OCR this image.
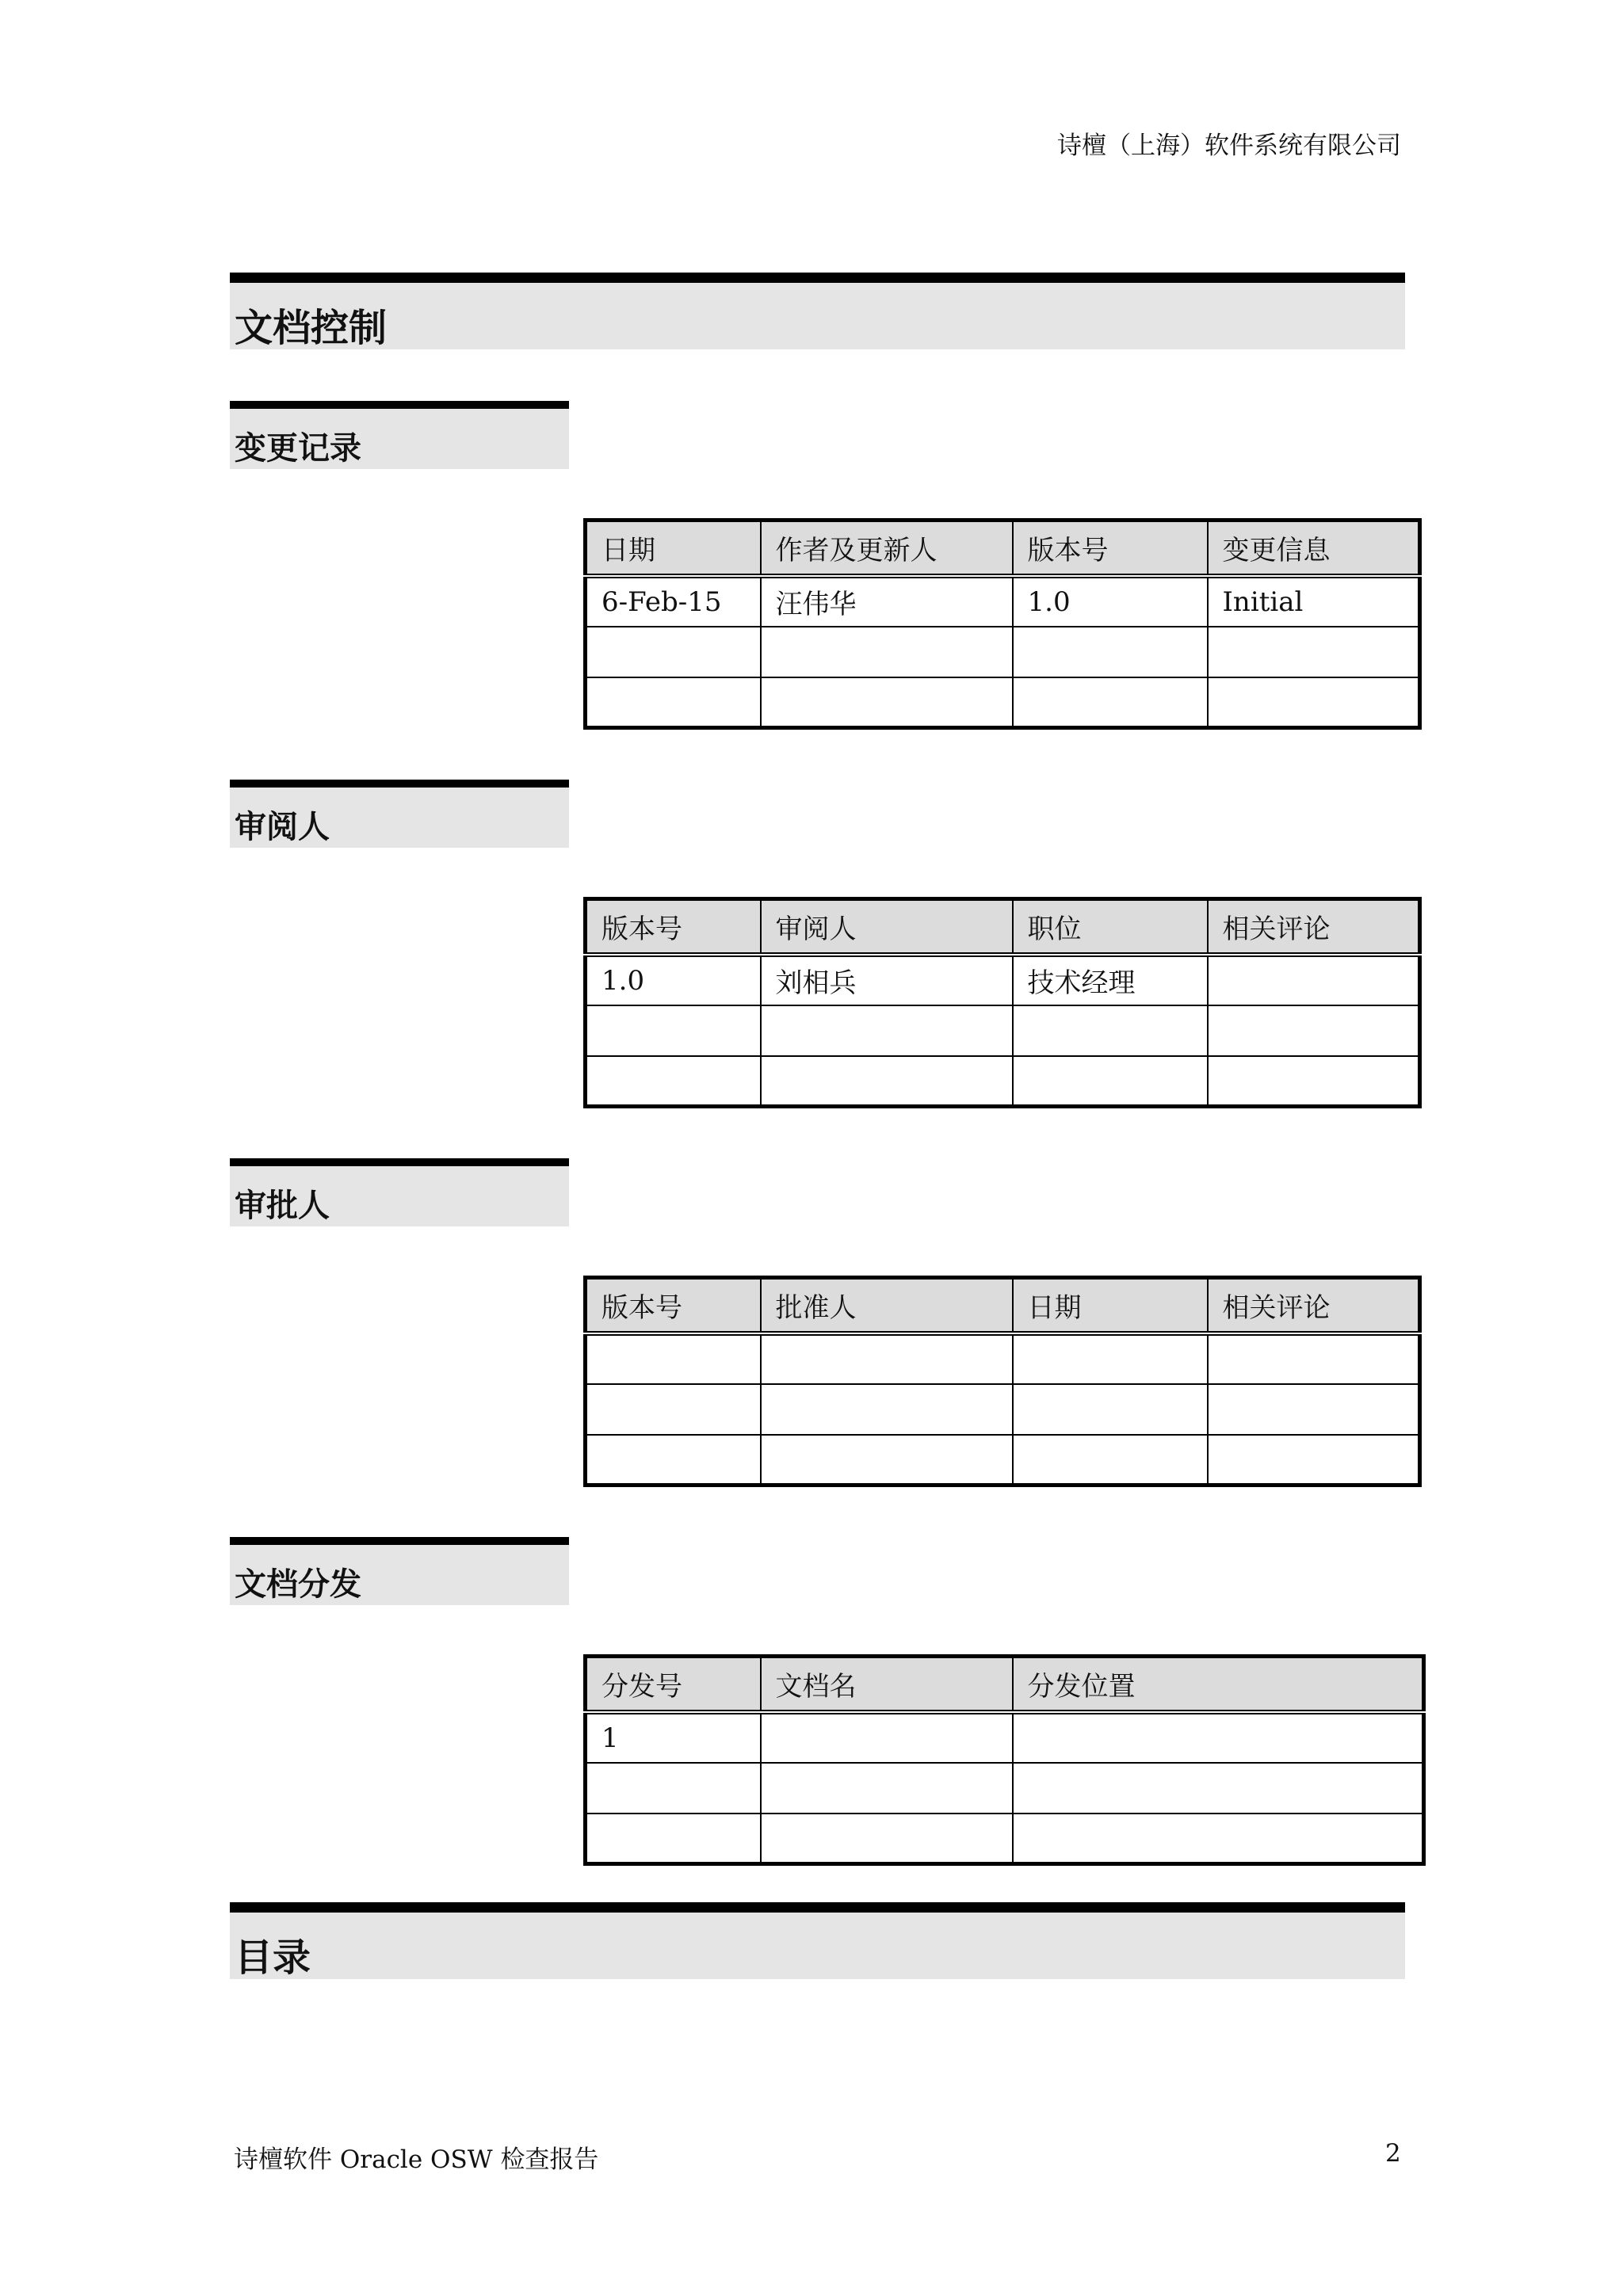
诗檀（上海）软件系统有限公司
文档控制
变更记录
日期	作者及更新人	版本号	变更信息
6-Feb-15	汪伟华	1.0	Initial

审阅人
版本号	审阅人	职位	相关评论
1.0	刘相兵	技术经理	

审批人
版本号	批准人	日期	相关评论

文档分发
分发号	文档名	分发位置
1		

目录
诗檀软件 Oracle OSW 检查报告	2
